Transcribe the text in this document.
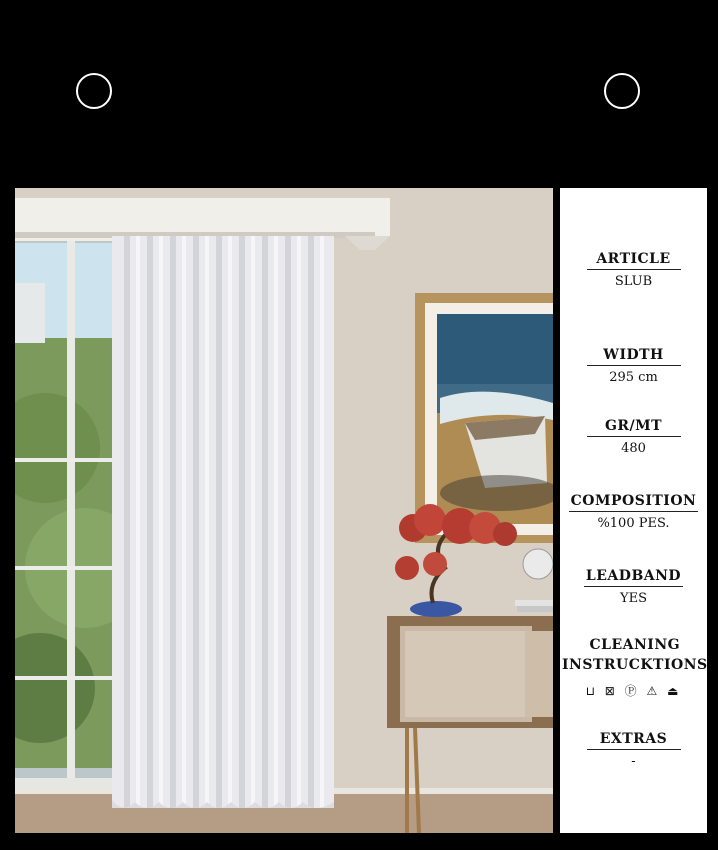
ARTICLE
SLUB
WIDTH
295 cm
GR/MT
480
COMPOSITION
%100 PES.
LEADBAND
YES
CLEANING
INSTRUCKTIONS
⊔ ⊠ Ⓟ ⚠ ⏏
EXTRAS
-
